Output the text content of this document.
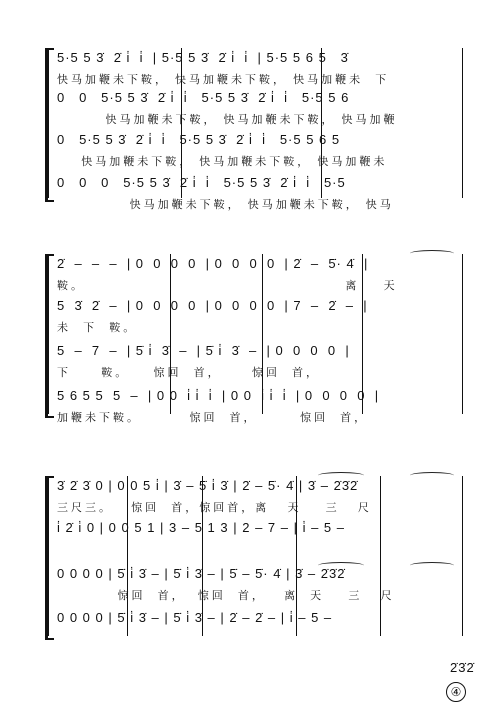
5·5 5 3̇  2̇ i̇  i̇  | 5·5 5 3̇  2̇ i̇  i̇  | 5·5 5 6 5   3̇
快马加鞭未下鞍， 快马加鞭未下鞍， 快马加鞭未  下
0   0   5·5 5 3̇  2̇ i̇  i̇   5·5 5 3̇  2̇ i̇  i̇   5·5 5 6
快马加鞭未下鞍， 快马加鞭未下鞍， 快马加鞭
0   5·5 5 3̇  2̇ i̇  i̇   5·5 5 3̇  2̇ i̇  i̇   5·5 5 6 5
快马加鞭未下鞍， 快马加鞭未下鞍， 快马加鞭未
0   0   0   5·5 5 3̇  2̇ i̇  i̇   5·5 5 3̇  2̇ i̇  i̇   5·5
快马加鞭未下鞍， 快马加鞭未下鞍， 快马
2̇  –  –  –  | 0  0  0  0  | 0  0  0  0  | 2̇  –  5̇· 4̇  |
鞍。                                           离    天
5  3̇  2̇  –  | 0  0  0  0  | 0  0  0  0  | 7  –  2̇  –  |
未  下  鞍。
5  –  7  –  | 5̇ i̇  3̇  –  | 5̇ i̇  3̇  –  | 0  0  0  0  |
下     鞍。    惊回  首，     惊回  首，
5 6 5 5  5  –  | 0 0  i̇ i̇  i̇  | 0 0  i̇ i̇  i̇  | 0  0  0  0  |
加鞭未下鞍。        惊回  首，       惊回  首，
3̇ 2̇ 3̇ 0 | 0 0 5 i̇ | 3̇ – 5̇ i̇ 3̇ | 2̇ – 5̇· 4̇ | 3̇ – 2̇3̇2̇
三尺三。   惊回  首，惊回首，离   天    三   尺
i̇ 2̇ i̇ 0 | 0 0 5 1 | 3 – 5 1 3 | 2 – 7 – | i̇ – 5 –
0 0 0 0 | 5̇ i̇ 3̇ – | 5̇ i̇ 3̇ – | 5̇ – 5̇· 4̇ | 3̇ – 2̇3̇2̇
惊回  首，  惊回  首，   离  天    三   尺
0 0 0 0 | 5̇ i̇ 3̇ – | 5̇ i̇ 3̇ – | 2̇ – 2̇ – | i̇ – 5 –
2̇3̇2̇
④
